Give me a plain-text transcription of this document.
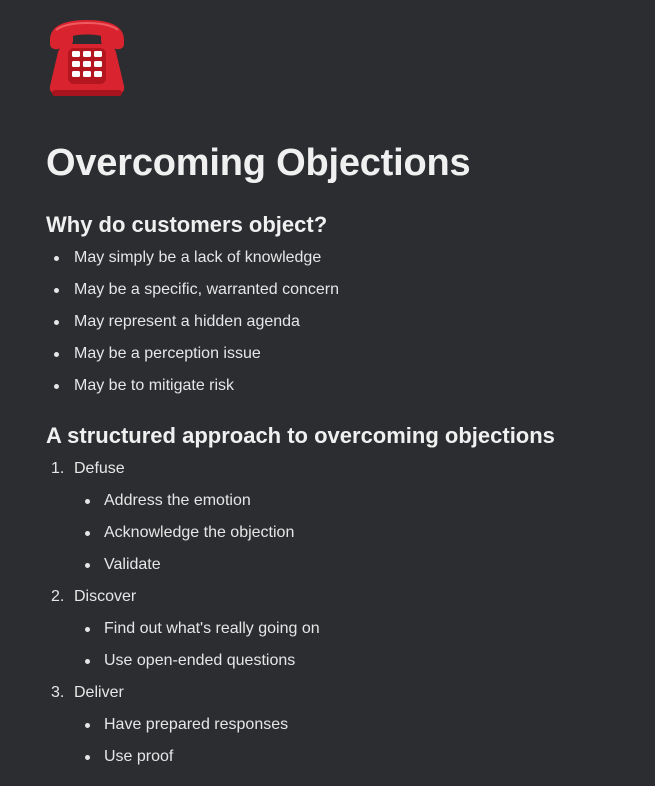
Overcoming Objections
Why do customers object?
May simply be a lack of knowledge
May be a specific, warranted concern
May represent a hidden agenda
May be a perception issue
May be to mitigate risk
A structured approach to overcoming objections
1. Defuse
Address the emotion
Acknowledge the objection
Validate
2. Discover
Find out what's really going on
Use open-ended questions
3. Deliver
Have prepared responses
Use proof
